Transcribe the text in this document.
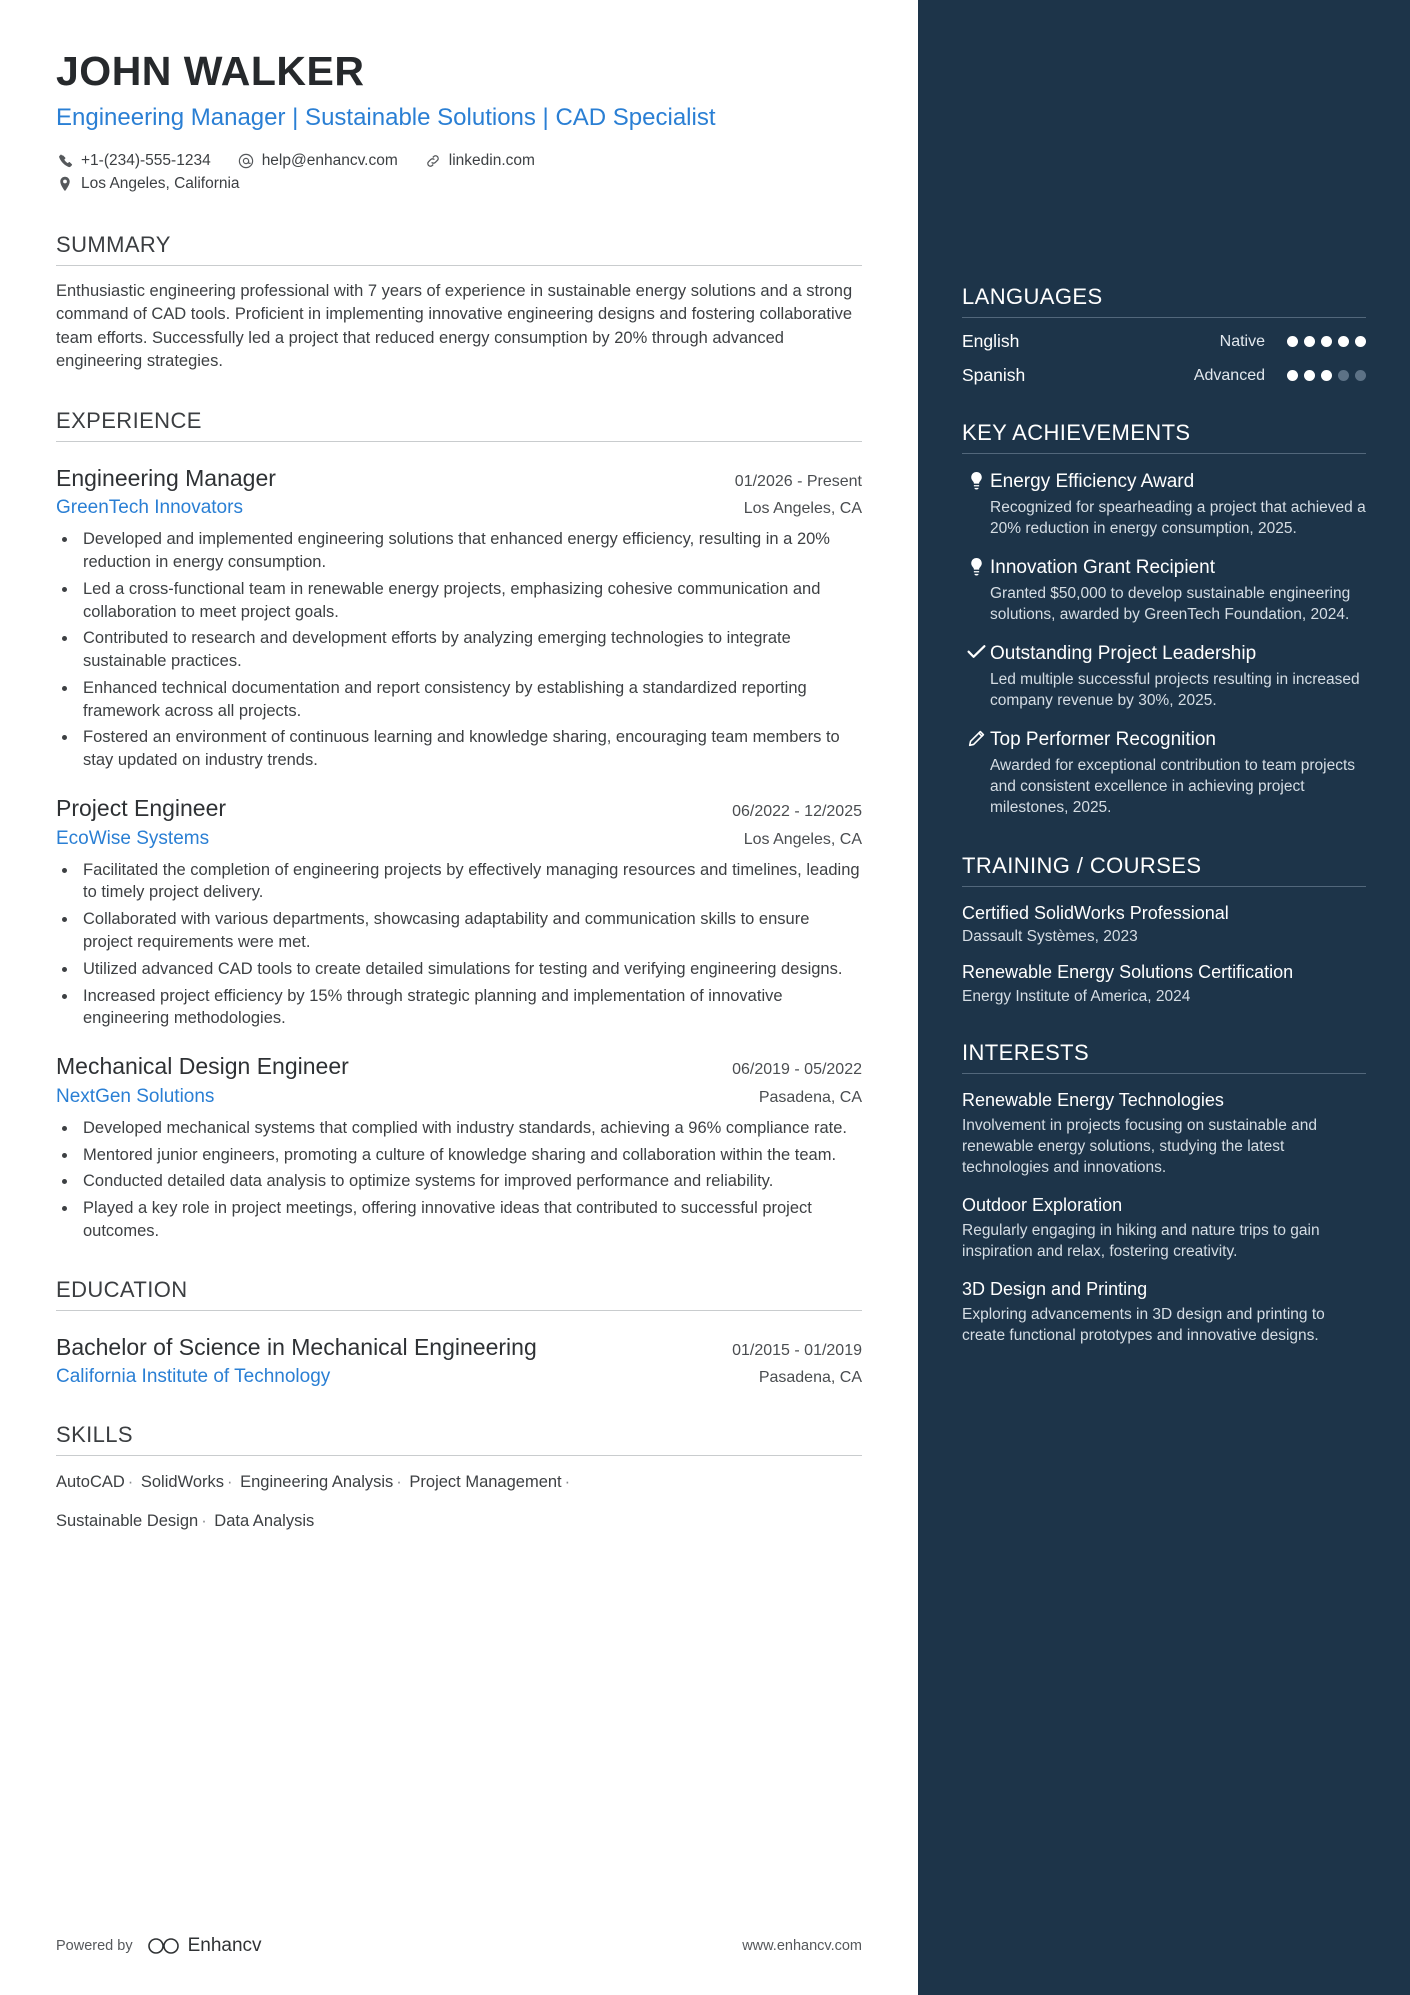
JOHN WALKER
Engineering Manager | Sustainable Solutions | CAD Specialist
+1-(234)-555-1234	help@enhancv.com	linkedin.com
Los Angeles, California
SUMMARY
Enthusiastic engineering professional with 7 years of experience in sustainable energy solutions and a strong command of CAD tools. Proficient in implementing innovative engineering designs and fostering collaborative team efforts. Successfully led a project that reduced energy consumption by 20% through advanced engineering strategies.
EXPERIENCE
Engineering Manager	01/2026 - Present
GreenTech Innovators	Los Angeles, CA
• Developed and implemented engineering solutions that enhanced energy efficiency, resulting in a 20% reduction in energy consumption.
• Led a cross-functional team in renewable energy projects, emphasizing cohesive communication and collaboration to meet project goals.
• Contributed to research and development efforts by analyzing emerging technologies to integrate sustainable practices.
• Enhanced technical documentation and report consistency by establishing a standardized reporting framework across all projects.
• Fostered an environment of continuous learning and knowledge sharing, encouraging team members to stay updated on industry trends.
Project Engineer	06/2022 - 12/2025
EcoWise Systems	Los Angeles, CA
• Facilitated the completion of engineering projects by effectively managing resources and timelines, leading to timely project delivery.
• Collaborated with various departments, showcasing adaptability and communication skills to ensure project requirements were met.
• Utilized advanced CAD tools to create detailed simulations for testing and verifying engineering designs.
• Increased project efficiency by 15% through strategic planning and implementation of innovative engineering methodologies.
Mechanical Design Engineer	06/2019 - 05/2022
NextGen Solutions	Pasadena, CA
• Developed mechanical systems that complied with industry standards, achieving a 96% compliance rate.
• Mentored junior engineers, promoting a culture of knowledge sharing and collaboration within the team.
• Conducted detailed data analysis to optimize systems for improved performance and reliability.
• Played a key role in project meetings, offering innovative ideas that contributed to successful project outcomes.
EDUCATION
Bachelor of Science in Mechanical Engineering	01/2015 - 01/2019
California Institute of Technology	Pasadena, CA
SKILLS
AutoCAD · SolidWorks · Engineering Analysis · Project Management ·
Sustainable Design · Data Analysis
Powered by	Enhancv	www.enhancv.com
LANGUAGES
English	Native
Spanish	Advanced
KEY ACHIEVEMENTS
Energy Efficiency Award
Recognized for spearheading a project that achieved a 20% reduction in energy consumption, 2025.
Innovation Grant Recipient
Granted $50,000 to develop sustainable engineering solutions, awarded by GreenTech Foundation, 2024.
Outstanding Project Leadership
Led multiple successful projects resulting in increased company revenue by 30%, 2025.
Top Performer Recognition
Awarded for exceptional contribution to team projects and consistent excellence in achieving project milestones, 2025.
TRAINING / COURSES
Certified SolidWorks Professional
Dassault Systèmes, 2023
Renewable Energy Solutions Certification
Energy Institute of America, 2024
INTERESTS
Renewable Energy Technologies
Involvement in projects focusing on sustainable and renewable energy solutions, studying the latest technologies and innovations.
Outdoor Exploration
Regularly engaging in hiking and nature trips to gain inspiration and relax, fostering creativity.
3D Design and Printing
Exploring advancements in 3D design and printing to create functional prototypes and innovative designs.
